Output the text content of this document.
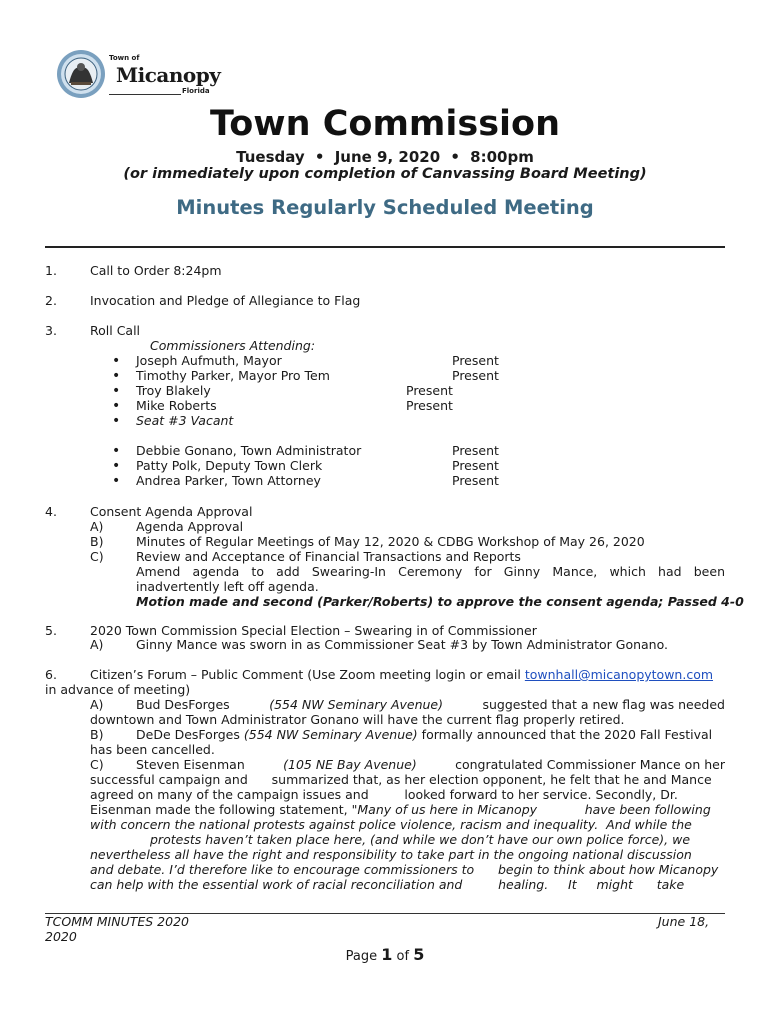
Town of
Micanopy
Florida
Town Commission
Tuesday • June 9, 2020 • 8:00pm
(or immediately upon completion of Canvassing Board Meeting)
Minutes Regularly Scheduled Meeting
1.	Call to Order 8:24pm
2.	Invocation and Pledge of Allegiance to Flag
3.	Roll Call
Commissioners Attending:
• Joseph Aufmuth, Mayor	Present
• Timothy Parker, Mayor Pro Tem	Present
• Troy Blakely	Present
• Mike Roberts	Present
• Seat #3 Vacant
• Debbie Gonano, Town Administrator	Present
• Patty Polk, Deputy Town Clerk	Present
• Andrea Parker, Town Attorney	Present
4.	Consent Agenda Approval
A)	Agenda Approval
B)	Minutes of Regular Meetings of May 12, 2020 & CDBG Workshop of May 26, 2020
C)	Review and Acceptance of Financial Transactions and Reports
Amend agenda to add Swearing-In Ceremony for Ginny Mance, which had been
inadvertently left off agenda.
Motion made and second (Parker/Roberts) to approve the consent agenda; Passed 4-0
5.	2020 Town Commission Special Election – Swearing in of Commissioner
A)	Ginny Mance was sworn in as Commissioner Seat #3 by Town Administrator Gonano.
6.	Citizen’s Forum – Public Comment (Use Zoom meeting login or email townhall@micanopytown.com
in advance of meeting)
A)	Bud DesForges	(554 NW Seminary Avenue)	suggested that a new flag was needed
downtown and Town Administrator Gonano will have the current flag properly retired.
B)	DeDe DesForges (554 NW Seminary Avenue) formally announced that the 2020 Fall Festival
has been cancelled.
C)	Steven Eisenman	(105 NE Bay Avenue)	congratulated Commissioner Mance on her
successful campaign and      summarized that, as her election opponent, he felt that he and Mance
agreed on many of the campaign issues and         looked forward to her service. Secondly, Dr.
Eisenman made the following statement, "Many of us here in Micanopy            have been following
with concern the national protests against police violence, racism and inequality.  And while the
protests haven’t taken place here, (and while we don’t have our own police force), we
nevertheless all have the right and responsibility to take part in the ongoing national discussion
and debate. I’d therefore like to encourage commissioners to      begin to think about how Micanopy
can help with the essential work of racial reconciliation and         healing.     It     might      take
TCOMM MINUTES 2020
2020
June 18,
Page 1 of 5
